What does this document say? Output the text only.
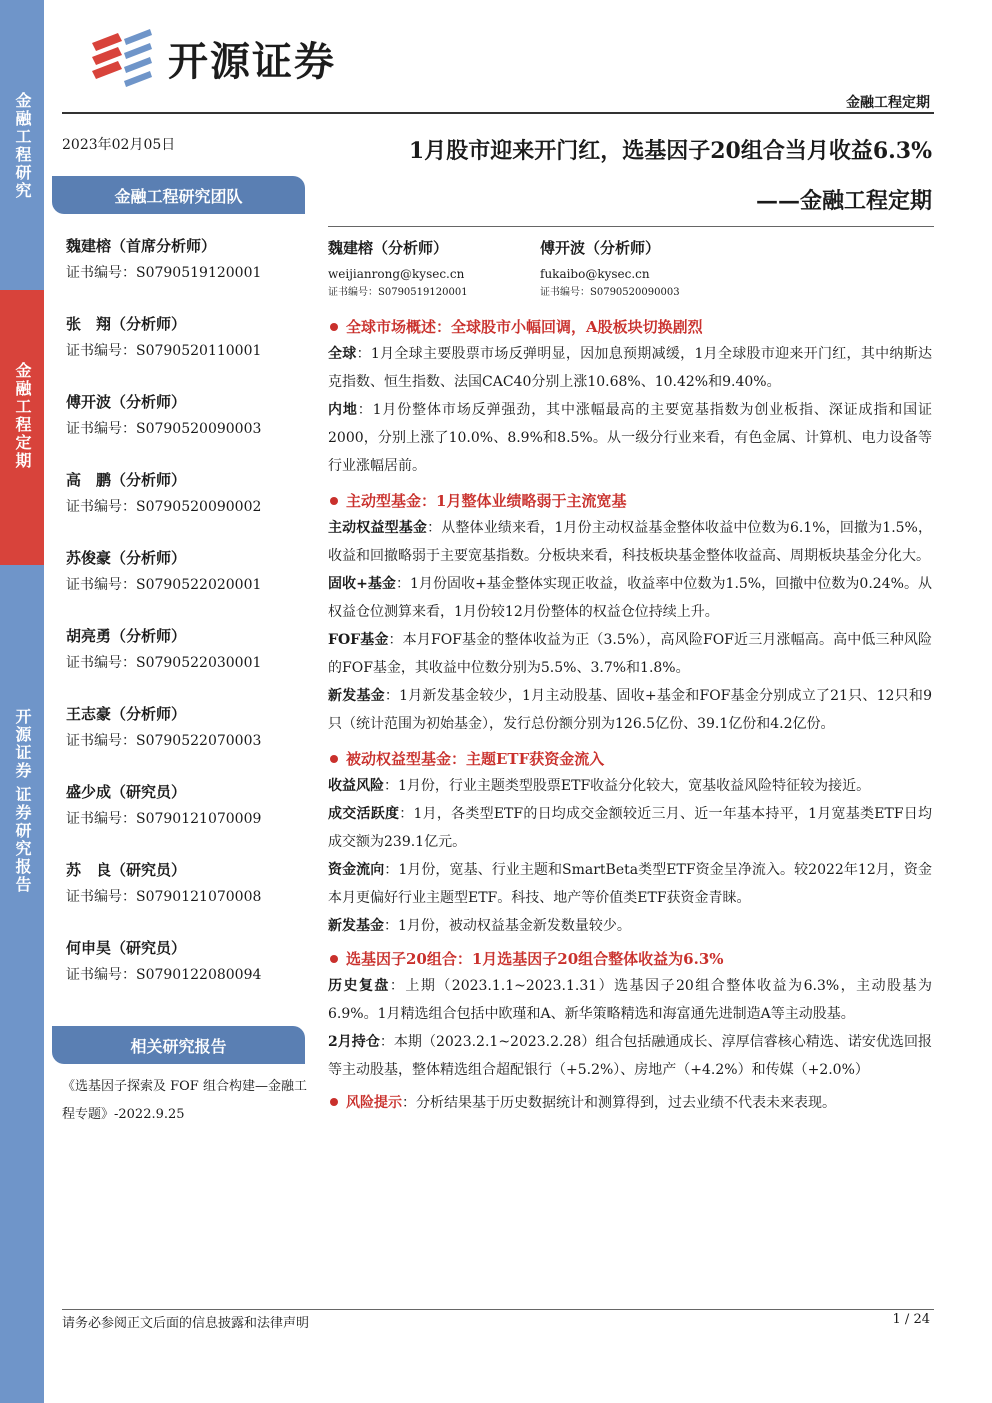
金融工程研究
金融工程定期
开源证券
证券研究报告
开源证券
金融工程定期
2023年02月05日
金融工程研究团队
魏建榕（首席分析师）
证书编号：S0790519120001
张　翔（分析师）
证书编号：S0790520110001
傅开波（分析师）
证书编号：S0790520090003
高　鹏（分析师）
证书编号：S0790520090002
苏俊豪（分析师）
证书编号：S0790522020001
胡亮勇（分析师）
证书编号：S0790522030001
王志豪（分析师）
证书编号：S0790522070003
盛少成（研究员）
证书编号：S0790121070009
苏　良（研究员）
证书编号：S0790121070008
何申昊（研究员）
证书编号：S0790122080094
相关研究报告
《选基因子探索及 FOF 组合构建—金融工程专题》-2022.9.25
1月股市迎来开门红，选基因子20组合当月收益6.3%
——金融工程定期
魏建榕（分析师）
weijianrong@kysec.cn
证书编号：S0790519120001
傅开波（分析师）
fukaibo@kysec.cn
证书编号：S0790520090003
全球市场概述：全球股市小幅回调，A股板块切换剧烈
全球：1月全球主要股票市场反弹明显，因加息预期减缓，1月全球股市迎来开门红，其中纳斯达克指数、恒生指数、法国CAC40分别上涨10.68%、10.42%和9.40%。
内地：1月份整体市场反弹强劲，其中涨幅最高的主要宽基指数为创业板指、深证成指和国证2000，分别上涨了10.0%、8.9%和8.5%。从一级分行业来看，有色金属、计算机、电力设备等行业涨幅居前。
主动型基金：1月整体业绩略弱于主流宽基
主动权益型基金：从整体业绩来看，1月份主动权益基金整体收益中位数为6.1%，回撤为1.5%，收益和回撤略弱于主要宽基指数。分板块来看，科技板块基金整体收益高、周期板块基金分化大。
固收+基金：1月份固收+基金整体实现正收益，收益率中位数为1.5%，回撤中位数为0.24%。从权益仓位测算来看，1月份较12月份整体的权益仓位持续上升。
FOF基金：本月FOF基金的整体收益为正（3.5%），高风险FOF近三月涨幅高。高中低三种风险的FOF基金，其收益中位数分别为5.5%、3.7%和1.8%。
新发基金：1月新发基金较少，1月主动股基、固收+基金和FOF基金分别成立了21只、12只和9只（统计范围为初始基金），发行总份额分别为126.5亿份、39.1亿份和4.2亿份。
被动权益型基金：主题ETF获资金流入
收益风险：1月份，行业主题类型股票ETF收益分化较大，宽基收益风险特征较为接近。
成交活跃度：1月，各类型ETF的日均成交金额较近三月、近一年基本持平，1月宽基类ETF日均成交额为239.1亿元。
资金流向：1月份，宽基、行业主题和SmartBeta类型ETF资金呈净流入。较2022年12月，资金本月更偏好行业主题型ETF。科技、地产等价值类ETF获资金青睐。
新发基金：1月份，被动权益基金新发数量较少。
选基因子20组合：1月选基因子20组合整体收益为6.3%
历史复盘：上期（2023.1.1~2023.1.31）选基因子20组合整体收益为6.3%，主动股基为6.9%。1月精选组合包括中欧瑾和A、新华策略精选和海富通先进制造A等主动股基。
2月持仓：本期（2023.2.1~2023.2.28）组合包括融通成长、淳厚信睿核心精选、诺安优选回报等主动股基，整体精选组合超配银行（+5.2%）、房地产（+4.2%）和传媒（+2.0%）
风险提示：分析结果基于历史数据统计和测算得到，过去业绩不代表未来表现。
请务必参阅正文后面的信息披露和法律声明	1 / 24
